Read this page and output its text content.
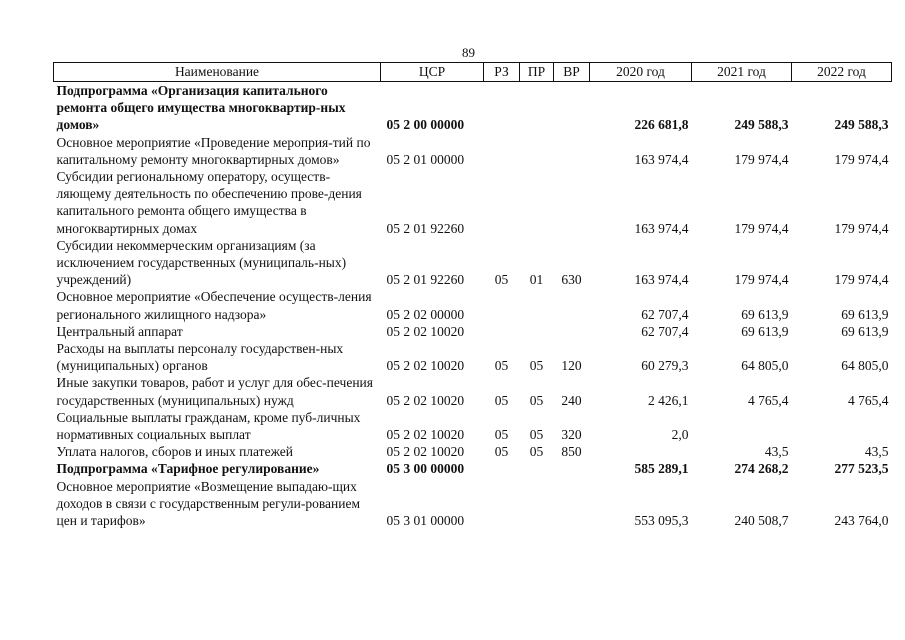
89
Наименование	ЦСР	РЗ	ПР	ВР	2020 год	2021 год	2022 год
Подпрограмма «Организация капитального ремонта общего имущества многоквартир-ных домов»	05 2 00 00000				226 681,8	249 588,3	249 588,3
Основное мероприятие «Проведение мероприя-тий по капитальному ремонту многоквартирных домов»	05 2 01 00000				163 974,4	179 974,4	179 974,4
Субсидии региональному оператору, осуществ-ляющему деятельность по обеспечению прове-дения капитального ремонта общего имущества в многоквартирных домах	05 2 01 92260				163 974,4	179 974,4	179 974,4
Субсидии некоммерческим организациям (за исключением государственных (муниципаль-ных) учреждений)	05 2 01 92260	05	01	630	163 974,4	179 974,4	179 974,4
Основное мероприятие «Обеспечение осуществ-ления регионального жилищного надзора»	05 2 02 00000				62 707,4	69 613,9	69 613,9
Центральный аппарат	05 2 02 10020				62 707,4	69 613,9	69 613,9
Расходы на выплаты персоналу государствен-ных (муниципальных) органов	05 2 02 10020	05	05	120	60 279,3	64 805,0	64 805,0
Иные закупки товаров, работ и услуг для обес-печения государственных (муниципальных) нужд	05 2 02 10020	05	05	240	2 426,1	4 765,4	4 765,4
Социальные выплаты гражданам, кроме пуб-личных нормативных социальных выплат	05 2 02 10020	05	05	320	2,0		
Уплата налогов, сборов и иных платежей	05 2 02 10020	05	05	850		43,5	43,5
Подпрограмма «Тарифное регулирование»	05 3 00 00000				585 289,1	274 268,2	277 523,5
Основное мероприятие «Возмещение выпадаю-щих доходов в связи с государственным регули-рованием цен и тарифов»	05 3 01 00000				553 095,3	240 508,7	243 764,0
